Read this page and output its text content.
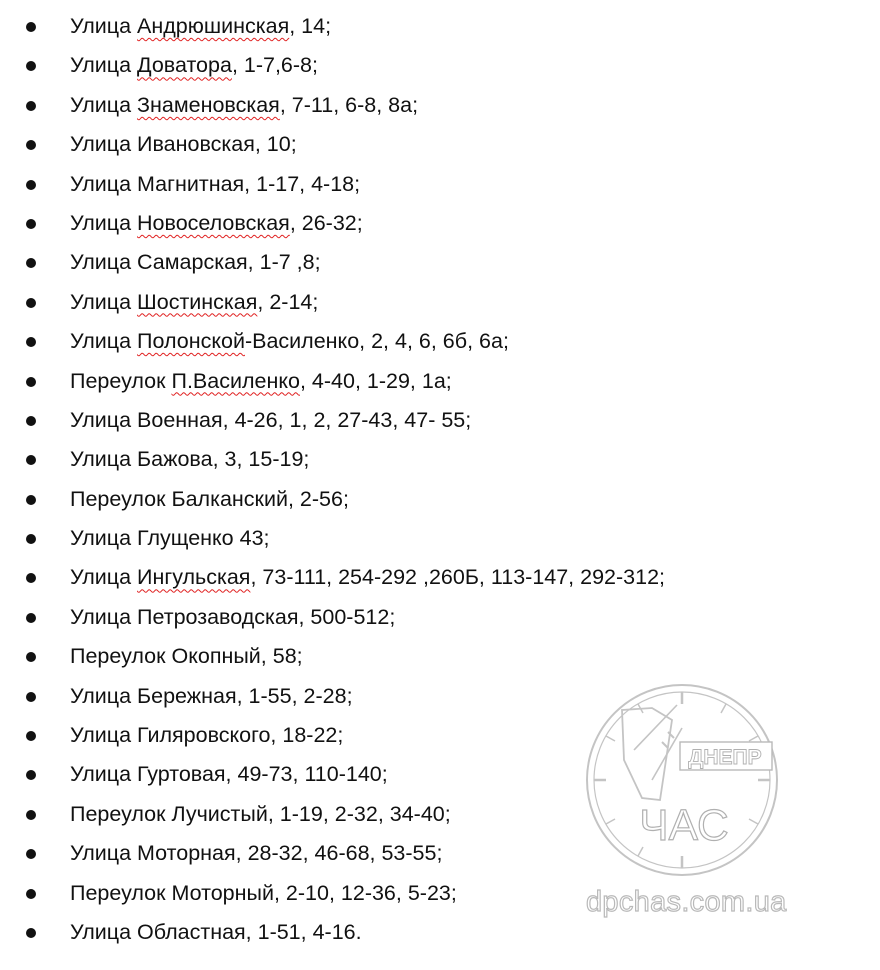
Улица Андрюшинская, 14;
Улица Доватора, 1-7,6-8;
Улица Знаменовская, 7-11, 6-8, 8а;
Улица Ивановская, 10;
Улица Магнитная, 1-17, 4-18;
Улица Новоселовская, 26-32;
Улица Самарская, 1-7 ,8;
Улица Шостинская, 2-14;
Улица Полонской-Василенко, 2, 4, 6, 6б, 6а;
Переулок П.Василенко, 4-40, 1-29, 1а;
Улица Военная, 4-26, 1, 2, 27-43, 47- 55;
Улица Бажова, 3, 15-19;
Переулок Балканский, 2-56;
Улица Глущенко 43;
Улица Ингульская, 73-111, 254-292 ,260Б, 113-147, 292-312;
Улица Петрозаводская, 500-512;
Переулок Окопный, 58;
Улица Бережная, 1-55, 2-28;
Улица Гиляровского, 18-22;
Улица Гуртовая, 49-73, 110-140;
Переулок Лучистый, 1-19, 2-32, 34-40;
Улица Моторная, 28-32, 46-68, 53-55;
Переулок Моторный, 2-10, 12-36, 5-23;
Улица Областная, 1-51, 4-16.
ДНЕПР
ЧАС
dpchas.com.ua
